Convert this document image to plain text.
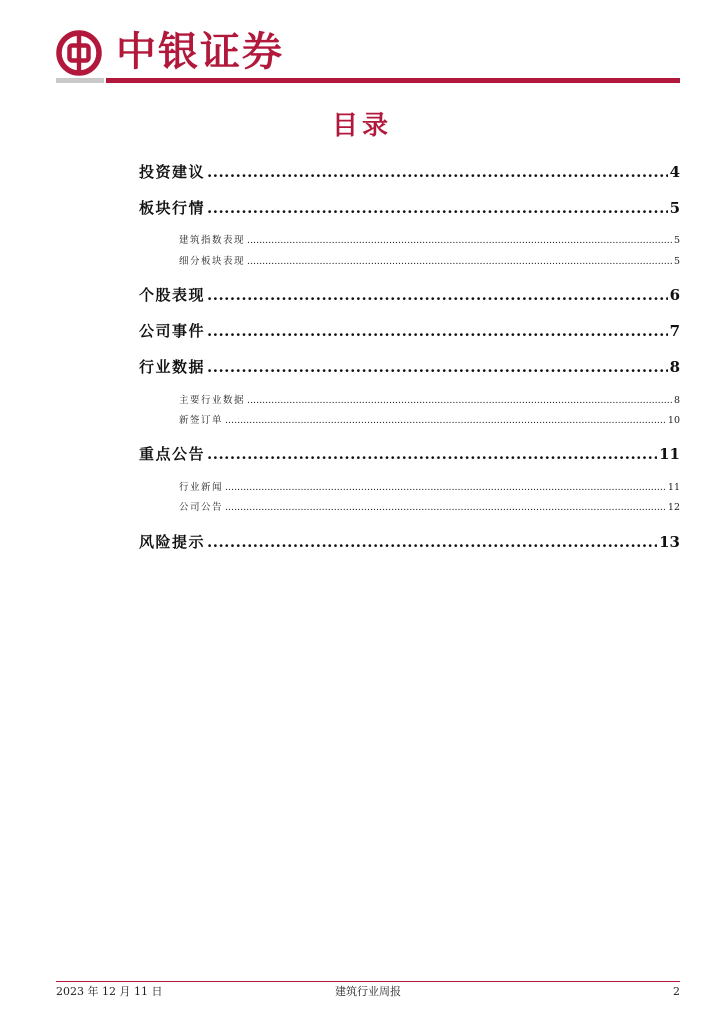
中银证券
目录
投资建议 .....	4
板块行情 .....	5
建筑指数表现 .....	5
细分板块表现 .....	5
个股表现 .....	6
公司事件 .....	7
行业数据 .....	8
主要行业数据 .....	8
新签订单 .....	10
重点公告 .....	11
行业新闻 .....	11
公司公告 .....	12
风险提示 .....	13
2023 年 12 月 11 日	建筑行业周报	2
